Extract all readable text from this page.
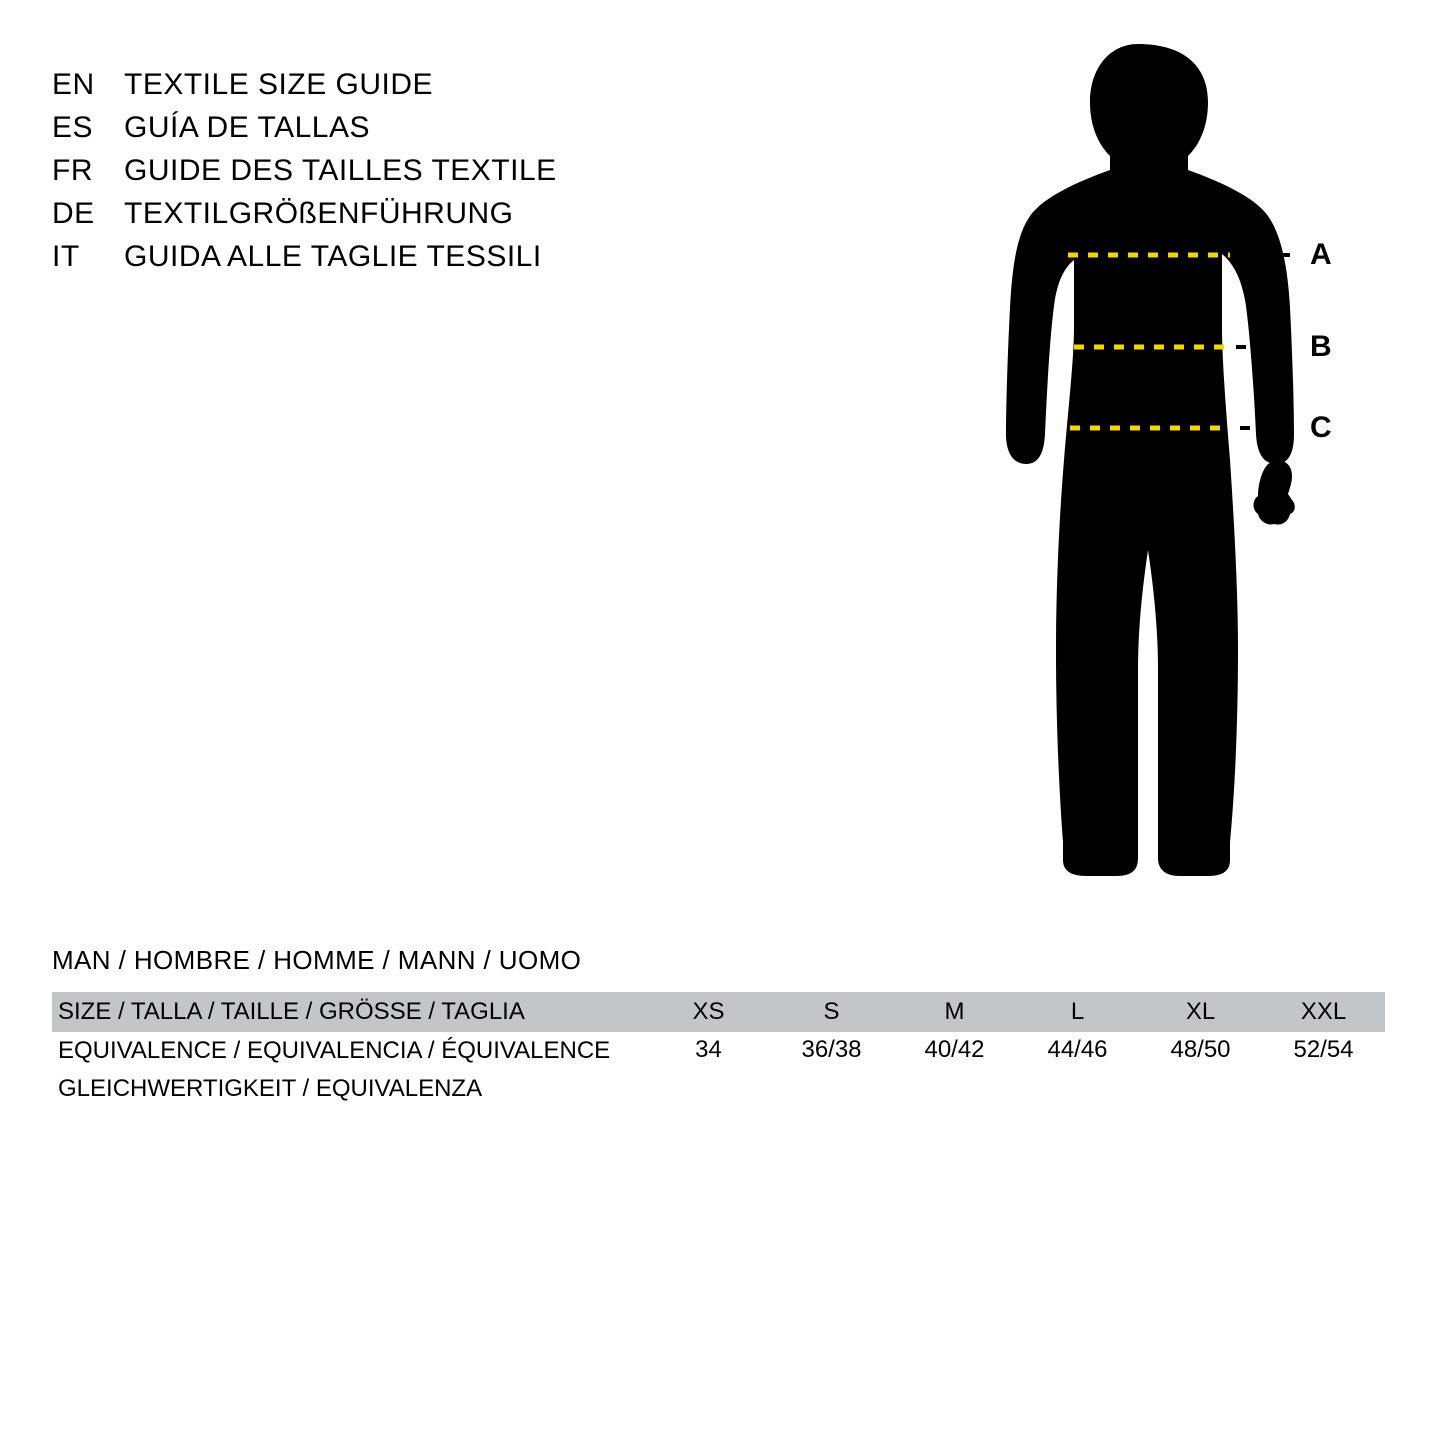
EN TEXTILE SIZE GUIDE
ES	GUÍA DE TALLAS
FR	GUIDE DES TAILLES TEXTILE
DE TEXTILGRÖßENFÜHRUNG
IT	GUIDA ALLE TAGLIE TESSILI	A
B
C
MAN / HOMBRE / HOMME / MANN / UOMO
SIZE / TALLA / TAILLE / GRÖSSE / TAGLIA	XS	S	M	L	XL	XXL
EQUIVALENCE / EQUIVALENCIA / ÉQUIVALENCE	34	36/38	40/42	44/46	48/50	52/54
GLEICHWERTIGKEIT / EQUIVALENZA
